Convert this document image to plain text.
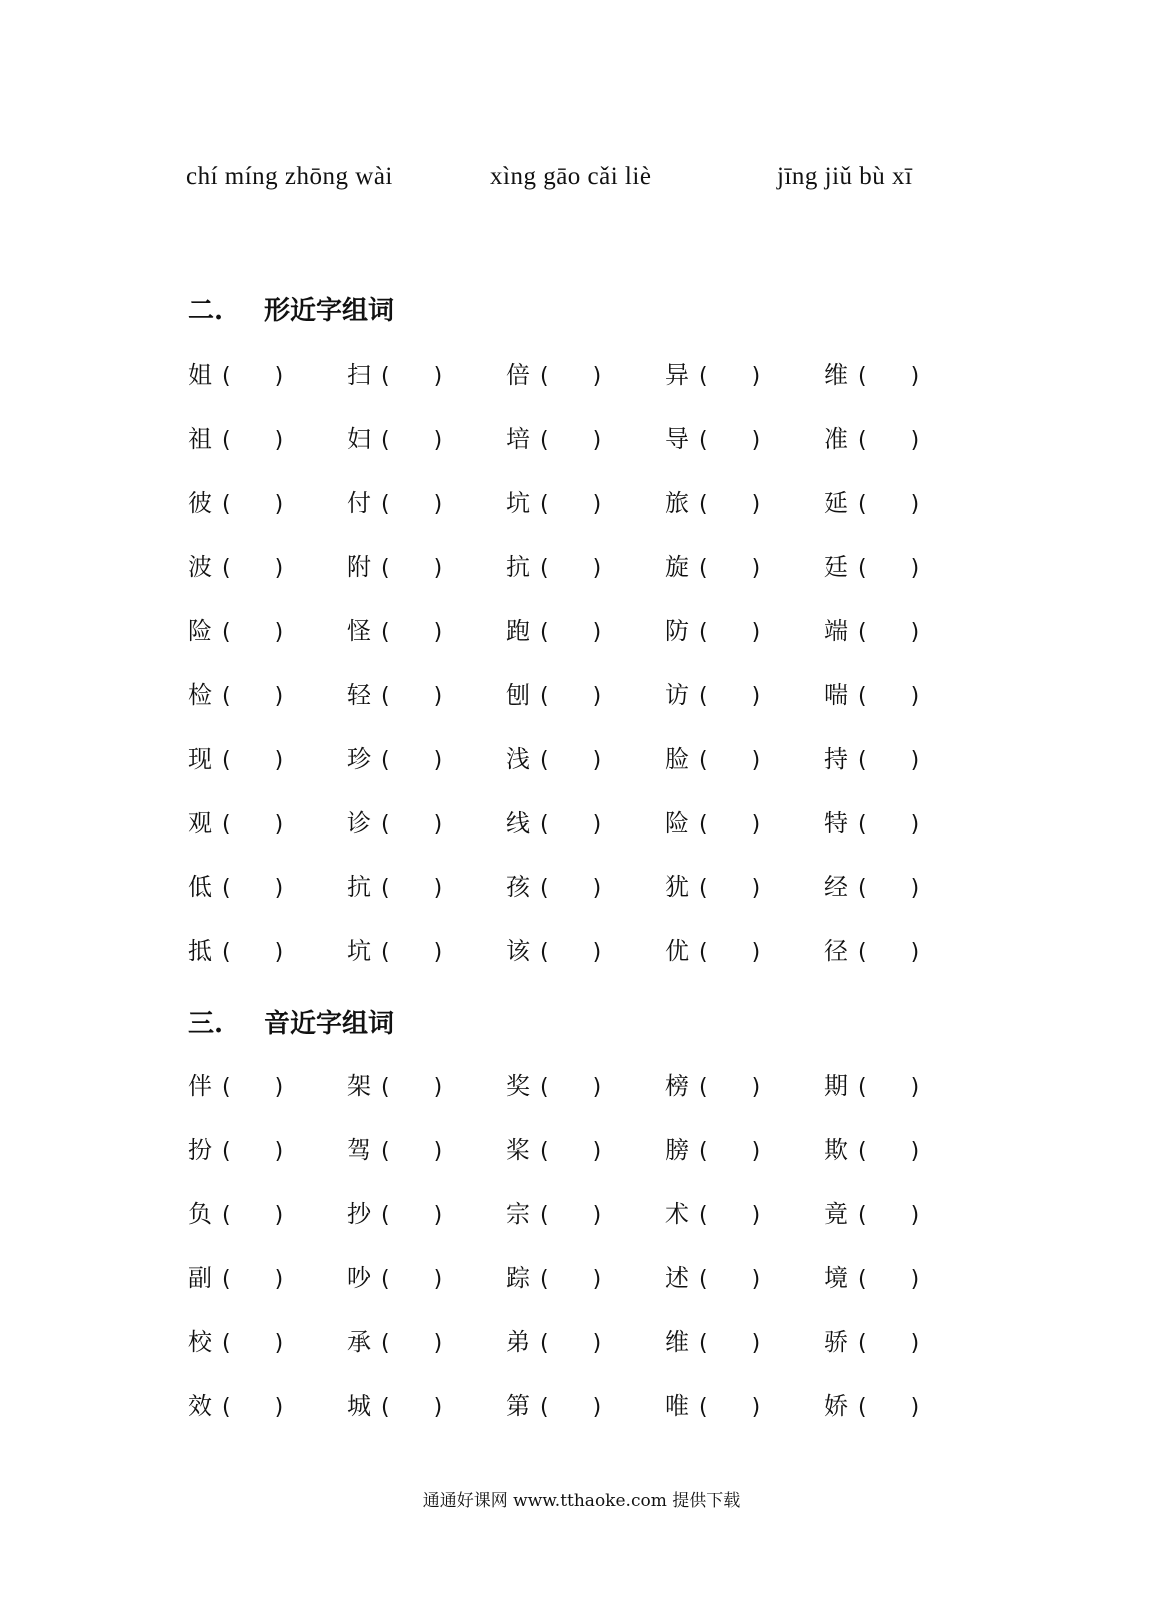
chí míng zhōng wài	xìng gāo cǎi liè	jīng jiǔ bù xī
二. 形近字组词
姐 ( )	扫 ( )	倍 ( )	异 ( )	维 ( )
祖 ( )	妇 ( )	培 ( )	导 ( )	准 ( )
彼 ( )	付 ( )	坑 ( )	旅 ( )	延 ( )
波 ( )	附 ( )	抗 ( )	旋 ( )	廷 ( )
险 ( )	怪 ( )	跑 ( )	防 ( )	端 ( )
检 ( )	轻 ( )	刨 ( )	访 ( )	喘 ( )
现 ( )	珍 ( )	浅 ( )	脸 ( )	持 ( )
观 ( )	诊 ( )	线 ( )	险 ( )	特 ( )
低 ( )	抗 ( )	孩 ( )	犹 ( )	经 ( )
抵 ( )	坑 ( )	该 ( )	优 ( )	径 ( )
三. 音近字组词
伴 ( )	架 ( )	奖 ( )	榜 ( )	期 ( )
扮 ( )	驾 ( )	桨 ( )	膀 ( )	欺 ( )
负 ( )	抄 ( )	宗 ( )	术 ( )	竟 ( )
副 ( )	吵 ( )	踪 ( )	述 ( )	境 ( )
校 ( )	承 ( )	弟 ( )	维 ( )	骄 ( )
效 ( )	城 ( )	第 ( )	唯 ( )	娇 ( )
通通好课网 www.tthaoke.com 提供下载
